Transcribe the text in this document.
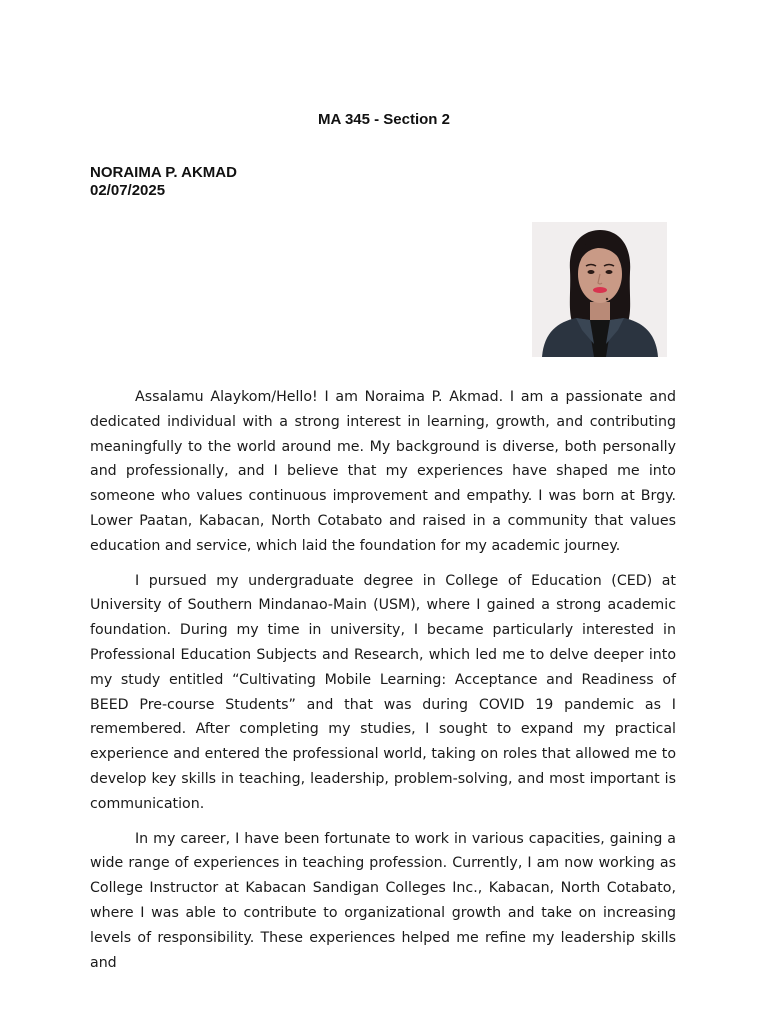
MA 345 - Section 2
NORAIMA P. AKMAD
02/07/2025

Assalamu Alaykom/Hello! I am Noraima P. Akmad. I am a passionate and dedicated individual with a strong interest in learning, growth, and contributing meaningfully to the world around me. My background is diverse, both personally and professionally, and I believe that my experiences have shaped me into someone who values continuous improvement and empathy. I was born at Brgy. Lower Paatan, Kabacan, North Cotabato and raised in a community that values education and service, which laid the foundation for my academic journey.

I pursued my undergraduate degree in College of Education (CED) at University of Southern Mindanao-Main (USM), where I gained a strong academic foundation. During my time in university, I became particularly interested in Professional Education Subjects and Research, which led me to delve deeper into my study entitled “Cultivating Mobile Learning: Acceptance and Readiness of BEED Pre-course Students” and that was during COVID 19 pandemic as I remembered. After completing my studies, I sought to expand my practical experience and entered the professional world, taking on roles that allowed me to develop key skills in teaching, leadership, problem-solving, and most important is communication.

In my career, I have been fortunate to work in various capacities, gaining a wide range of experiences in teaching profession. Currently, I am now working as College Instructor at Kabacan Sandigan Colleges Inc., Kabacan, North Cotabato, where I was able to contribute to organizational growth and take on increasing levels of responsibility. These experiences helped me refine my leadership skills and
